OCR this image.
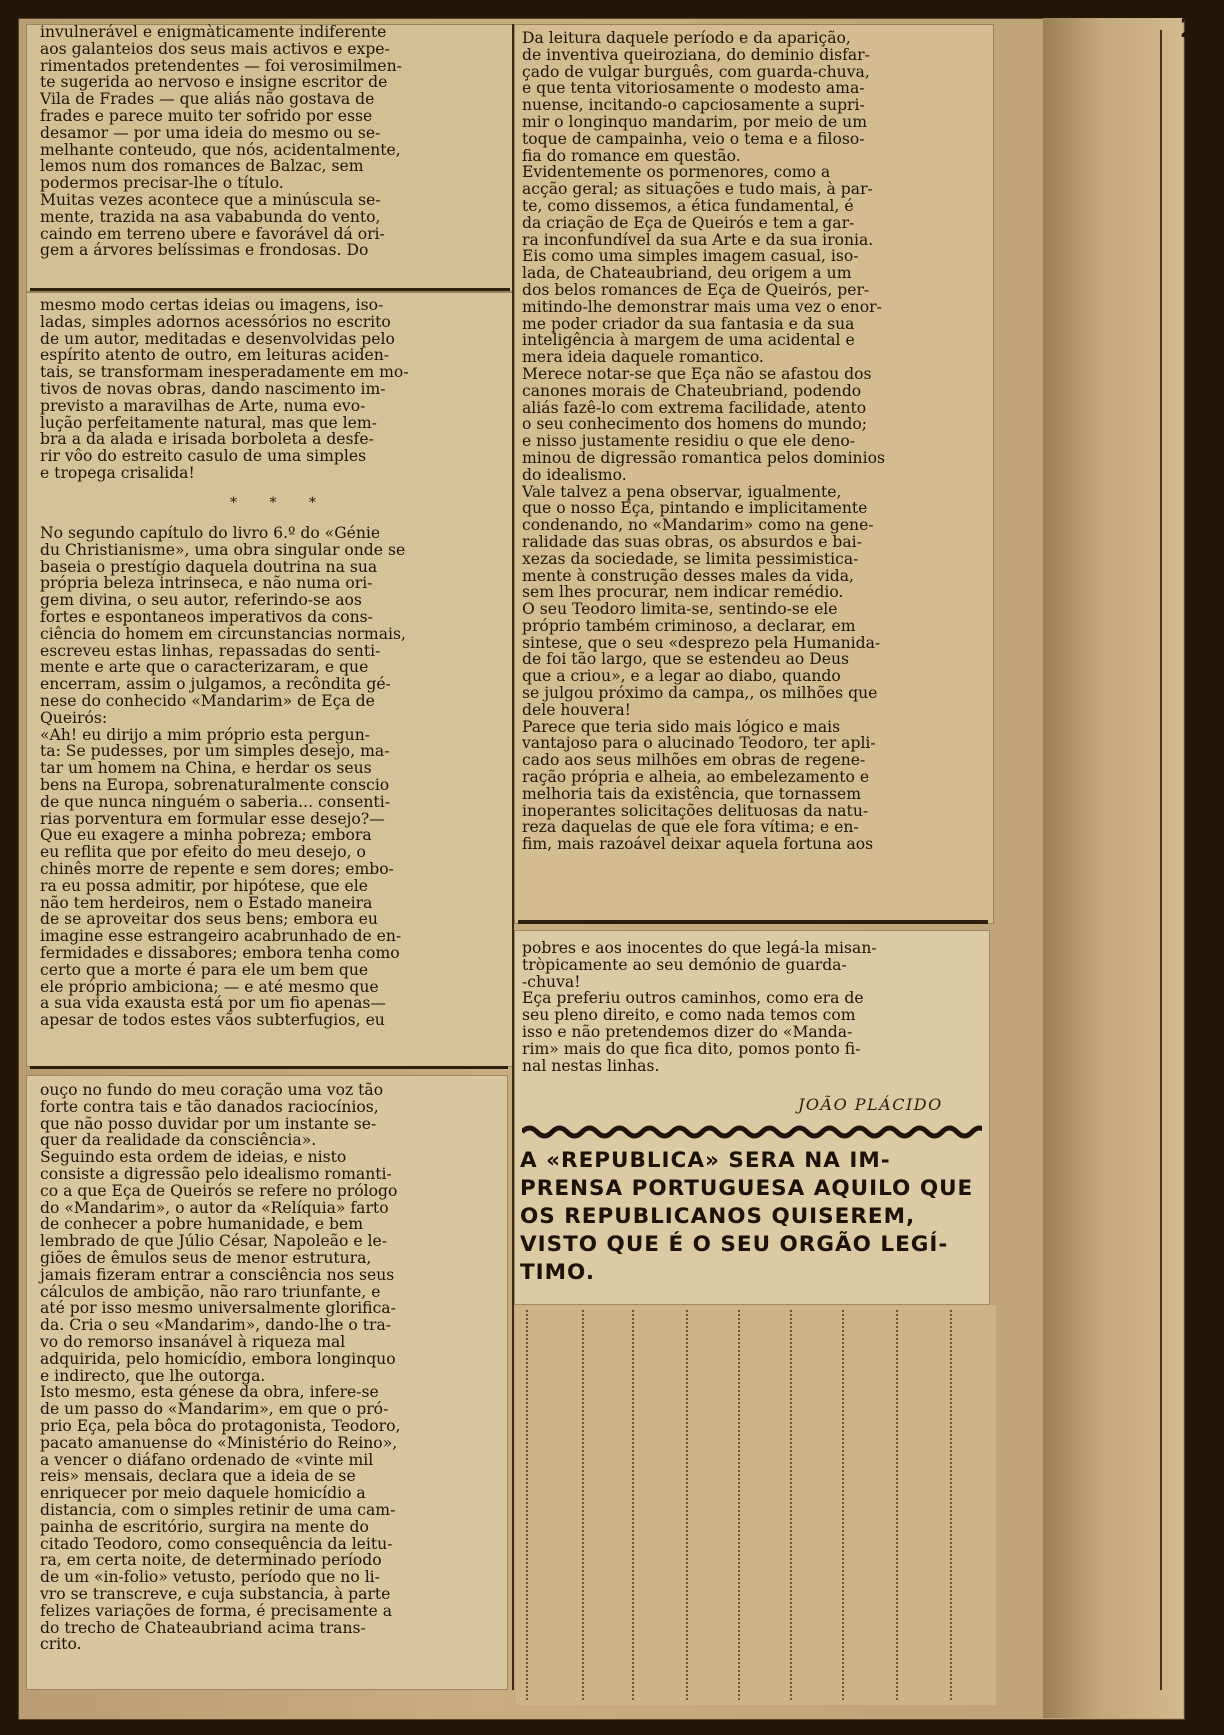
2
invulnerável e enigmàticamente indiferente
aos galanteios dos seus mais activos e expe-
rimentados pretendentes — foi verosimilmen-
te sugerida ao nervoso e insigne escritor de
Vila de Frades — que aliás não gostava de
frades e parece muito ter sofrido por esse
desamor — por uma ideia do mesmo ou se-
melhante conteudo, que nós, acidentalmente,
lemos num dos romances de Balzac, sem
podermos precisar-lhe o título.
Muitas vezes acontece que a minúscula se-
mente, trazida na asa vababunda do vento,
caindo em terreno ubere e favorável dá ori-
gem a árvores belíssimas e frondosas. Do
mesmo modo certas ideias ou imagens, iso-
ladas, simples adornos acessórios no escrito
de um autor, meditadas e desenvolvidas pelo
espírito atento de outro, em leituras aciden-
tais, se transformam inesperadamente em mo-
tivos de novas obras, dando nascimento im-
previsto a maravilhas de Arte, numa evo-
lução perfeitamente natural, mas que lem-
bra a da alada e irisada borboleta a desfe-
rir vôo do estreito casulo de uma simples
e tropega crisalida!
* * *
No segundo capítulo do livro 6.º do «Génie
du Christianisme», uma obra singular onde se
baseia o prestígio daquela doutrina na sua
própria beleza intrinseca, e não numa ori-
gem divina, o seu autor, referindo-se aos
fortes e espontaneos imperativos da cons-
ciência do homem em circunstancias normais,
escreveu estas linhas, repassadas do senti-
mente e arte que o caracterizaram, e que
encerram, assim o julgamos, a recôndita gé-
nese do conhecido «Mandarim» de Eça de
Queirós:
«Ah! eu dirijo a mim próprio esta pergun-
ta: Se pudesses, por um simples desejo, ma-
tar um homem na China, e herdar os seus
bens na Europa, sobrenaturalmente conscio
de que nunca ninguém o saberia... consenti-
rias porventura em formular esse desejo?—
Que eu exagere a minha pobreza; embora
eu reflita que por efeito do meu desejo, o
chinês morre de repente e sem dores; embo-
ra eu possa admitir, por hipótese, que ele
não tem herdeiros, nem o Estado maneira
de se aproveitar dos seus bens; embora eu
imagine esse estrangeiro acabrunhado de en-
fermidades e dissabores; embora tenha como
certo que a morte é para ele um bem que
ele próprio ambiciona; — e até mesmo que
a sua vida exausta está por um fio apenas—
apesar de todos estes vãos subterfugios, eu
ouço no fundo do meu coração uma voz tão
forte contra tais e tão danados raciocínios,
que não posso duvidar por um instante se-
quer da realidade da consciência».
Seguindo esta ordem de ideias, e nisto
consiste a digressão pelo idealismo romanti-
co a que Eça de Queirós se refere no prólogo
do «Mandarim», o autor da «Relíquia» farto
de conhecer a pobre humanidade, e bem
lembrado de que Júlio César, Napoleão e le-
giões de êmulos seus de menor estrutura,
jamais fizeram entrar a consciência nos seus
cálculos de ambição, não raro triunfante, e
até por isso mesmo universalmente glorifica-
da. Cria o seu «Mandarim», dando-lhe o tra-
vo do remorso insanável à riqueza mal
adquirida, pelo homicídio, embora longinquo
e indirecto, que lhe outorga.
Isto mesmo, esta génese da obra, infere-se
de um passo do «Mandarim», em que o pró-
prio Eça, pela bôca do protagonista, Teodoro,
pacato amanuense do «Ministério do Reino»,
a vencer o diáfano ordenado de «vinte mil
reis» mensais, declara que a ideia de se
enriquecer por meio daquele homicídio a
distancia, com o simples retinir de uma cam-
painha de escritório, surgira na mente do
citado Teodoro, como consequência da leitu-
ra, em certa noite, de determinado período
de um «in-folio» vetusto, período que no li-
vro se transcreve, e cuja substancia, à parte
felizes variações de forma, é precisamente a
do trecho de Chateaubriand acima trans-
crito.
Da leitura daquele período e da aparição,
de inventiva queiroziana, do deminio disfar-
çado de vulgar burguês, com guarda-chuva,
e que tenta vitoriosamente o modesto ama-
nuense, incitando-o capciosamente a supri-
mir o longinquo mandarim, por meio de um
toque de campainha, veio o tema e a filoso-
fia do romance em questão.
Evidentemente os pormenores, como a
acção geral; as situações e tudo mais, à par-
te, como dissemos, a ética fundamental, é
da criação de Eça de Queirós e tem a gar-
ra inconfundível da sua Arte e da sua ironia.
Eis como uma simples imagem casual, iso-
lada, de Chateaubriand, deu origem a um
dos belos romances de Eça de Queirós, per-
mitindo-lhe demonstrar mais uma vez o enor-
me poder criador da sua fantasia e da sua
inteligência à margem de uma acidental e
mera ideia daquele romantico.
Merece notar-se que Eça não se afastou dos
canones morais de Chateubriand, podendo
aliás fazê-lo com extrema facilidade, atento
o seu conhecimento dos homens do mundo;
e nisso justamente residiu o que ele deno-
minou de digressão romantica pelos dominios
do idealismo.
Vale talvez a pena observar, igualmente,
que o nosso Eça, pintando e implicitamente
condenando, no «Mandarim» como na gene-
ralidade das suas obras, os absurdos e bai-
xezas da sociedade, se limita pessimistica-
mente à construção desses males da vida,
sem lhes procurar, nem indicar remédio.
O seu Teodoro limita-se, sentindo-se ele
próprio também criminoso, a declarar, em
sintese, que o seu «desprezo pela Humanida-
de foi tão largo, que se estendeu ao Deus
que a criou», e a legar ao diabo, quando
se julgou próximo da campa,, os milhões que
dele houvera!
Parece que teria sido mais lógico e mais
vantajoso para o alucinado Teodoro, ter apli-
cado aos seus milhões em obras de regene-
ração própria e alheia, ao embelezamento e
melhoria tais da existência, que tornassem
inoperantes solicitações delituosas da natu-
reza daquelas de que ele fora vítima; e en-
fim, mais razoável deixar aquela fortuna aos
pobres e aos inocentes do que legá-la misan-
tròpicamente ao seu demónio de guarda-
-chuva!
Eça preferiu outros caminhos, como era de
seu pleno direito, e como nada temos com
isso e não pretendemos dizer do «Manda-
rim» mais do que fica dito, pomos ponto fi-
nal nestas linhas.
JOÃO PLÁCIDO
A «REPUBLICA» SERA NA IM-
PRENSA PORTUGUESA AQUILO QUE
OS REPUBLICANOS QUISEREM,
VISTO QUE É O SEU ORGÃO LEGÍ-
TIMO.
